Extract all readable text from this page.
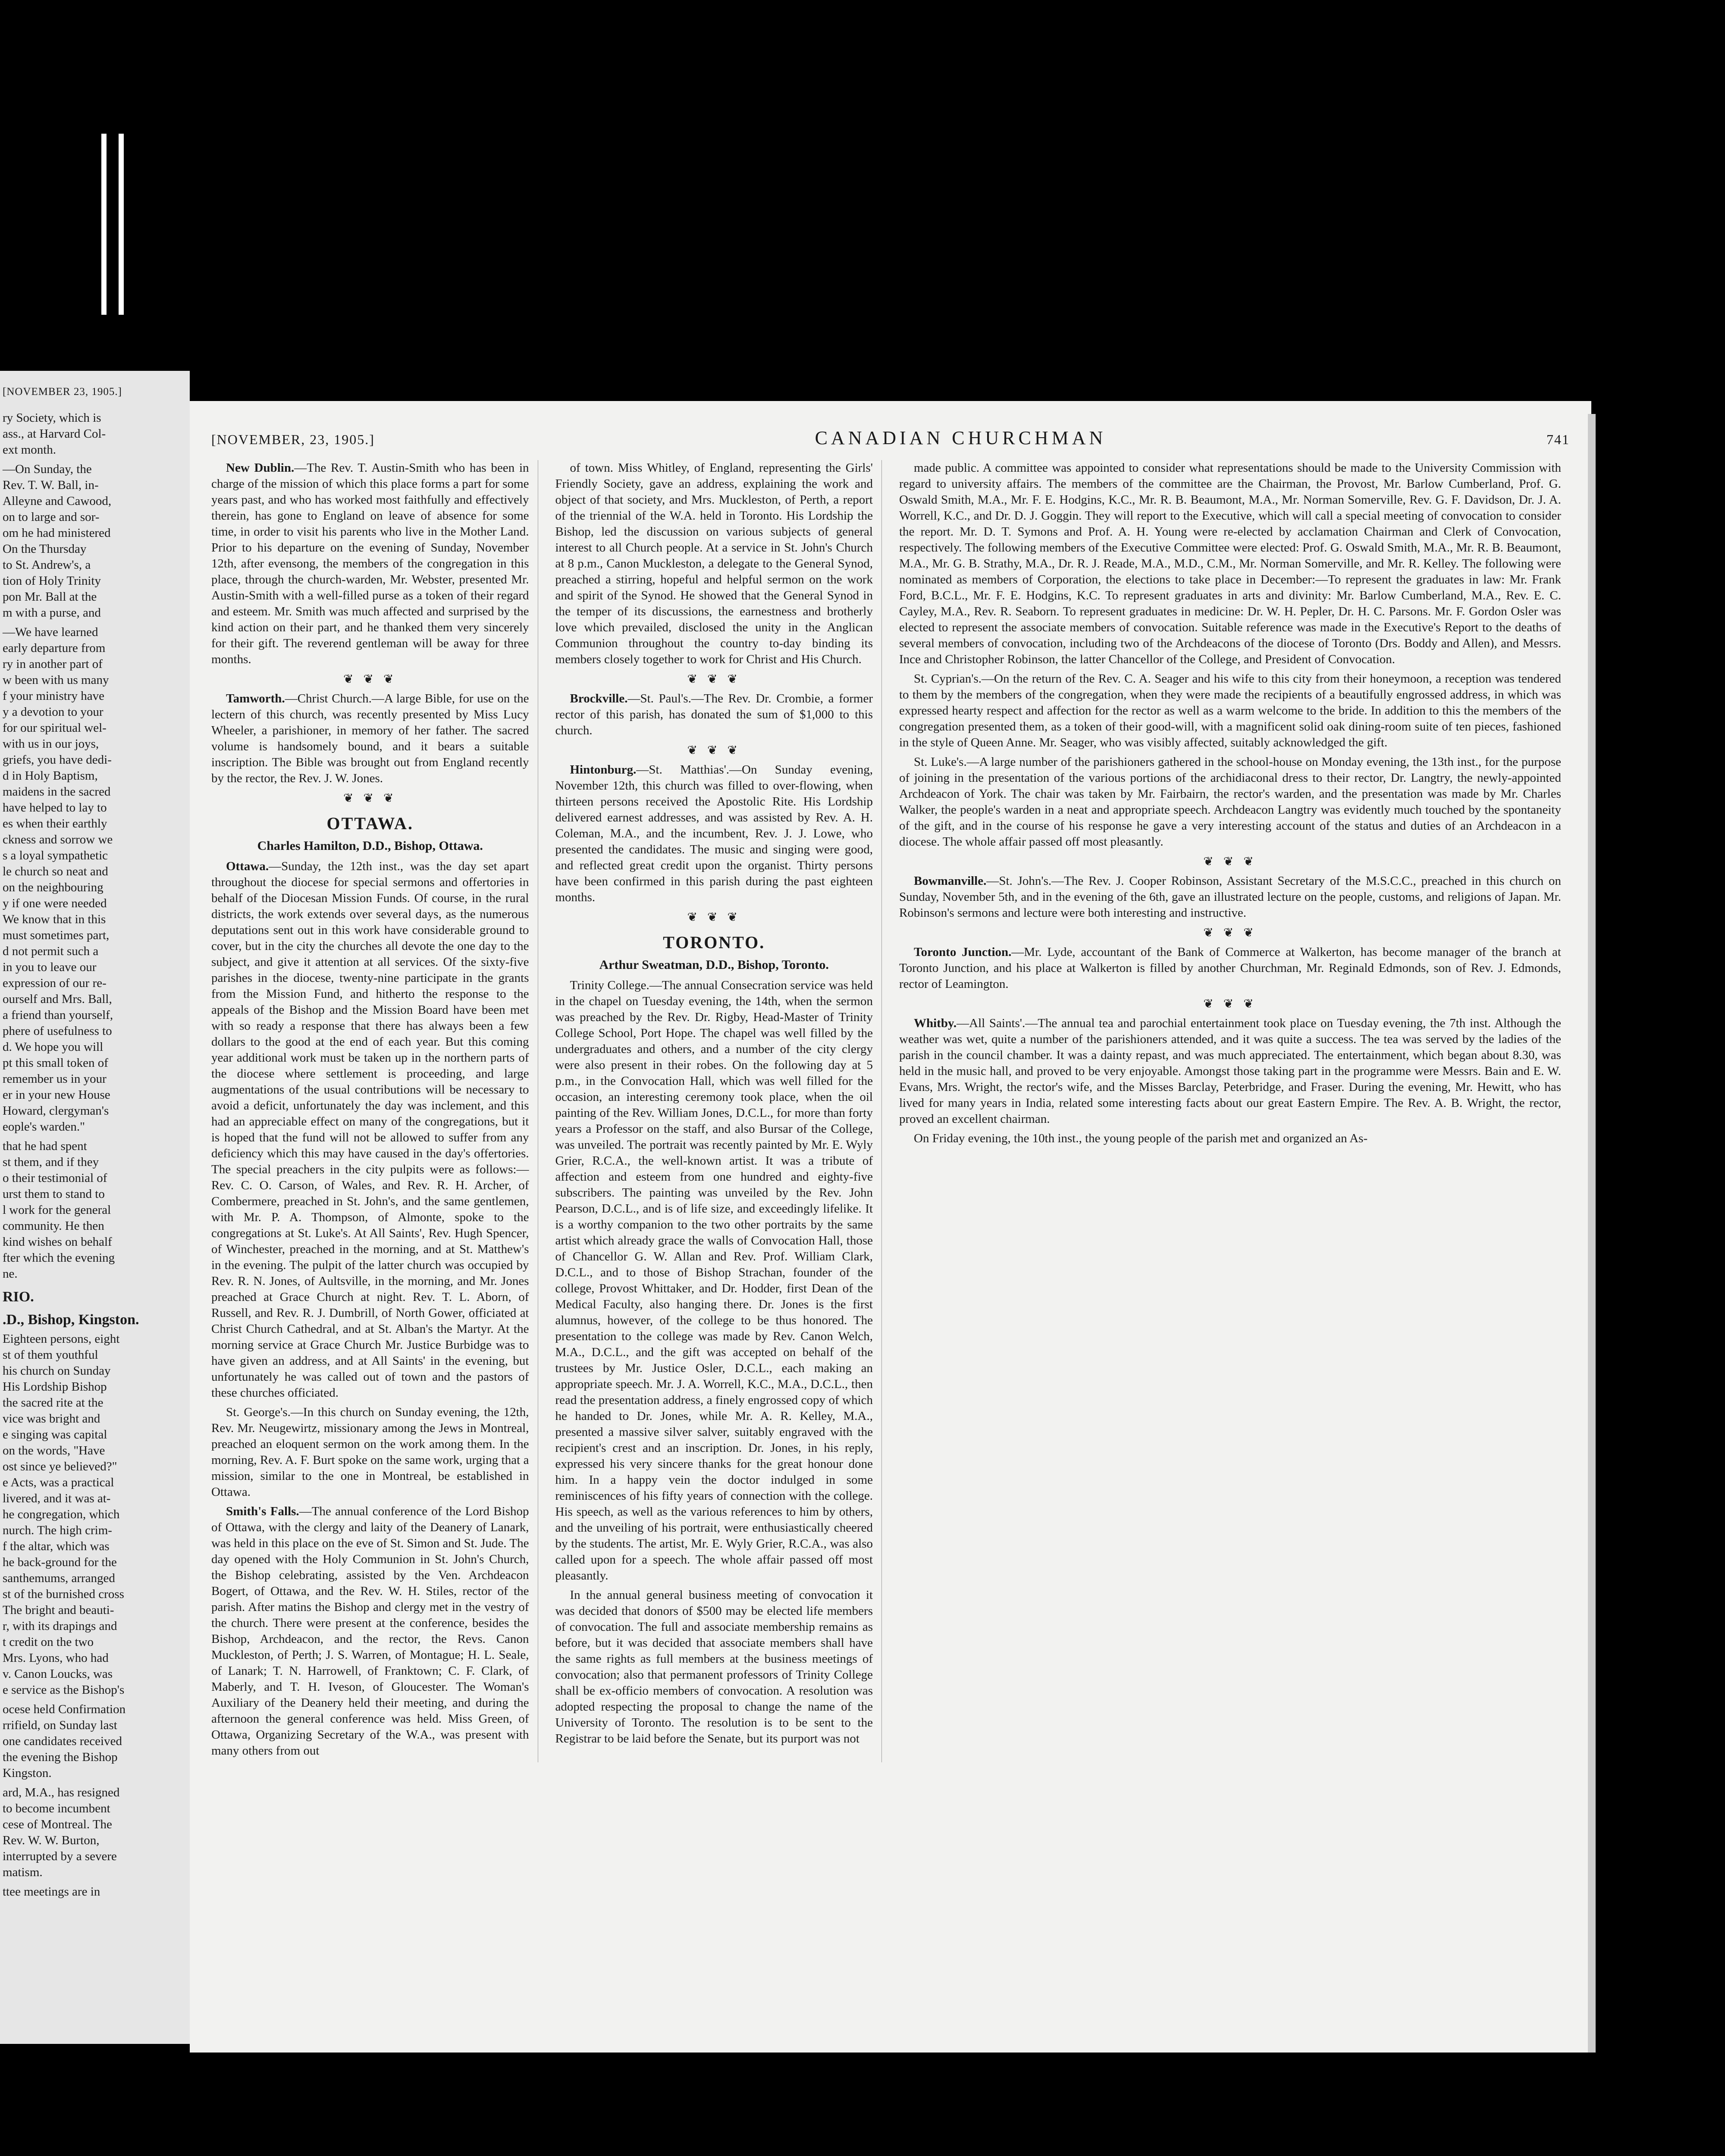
[NOVEMBER 23, 1905.]

ry Society, which is
ass., at Harvard Col-
ext month.

—On Sunday, the
Rev. T. W. Ball, in-
Alleyne and Cawood,
on to large and sor-
om he had ministered
On the Thursday
to St. Andrew's, a
tion of Holy Trinity
pon Mr. Ball at the
m with a purse, and

—We have learned
early departure from
ry in another part of
w been with us many
f your ministry have
y a devotion to your
for our spiritual wel-
with us in our joys,
griefs, you have dedi-
d in Holy Baptism,
maidens in the sacred
have helped to lay to
es when their earthly
ckness and sorrow we
s a loyal sympathetic
le church so neat and
on the neighbouring
y if one were needed
We know that in this
must sometimes part,
d not permit such a
in you to leave our
expression of our re-
ourself and Mrs. Ball,
a friend than yourself,
phere of usefulness to
d. We hope you will
pt this small token of
remember us in your
er in your new House
Howard, clergyman's
eople's warden."

that he had spent
st them, and if they
o their testimonial of
urst them to stand to
l work for the general
community. He then
kind wishes on behalf
fter which the evening
ne.

RIO.

.D., Bishop, Kingston.

Eighteen persons, eight
st of them youthful
his church on Sunday
His Lordship Bishop
the sacred rite at the
vice was bright and
e singing was capital
on the words, "Have
ost since ye believed?"
e Acts, was a practical
livered, and it was at-
he congregation, which
nurch. The high crim-
f the altar, which was
he back-ground for the
santhemums, arranged
st of the burnished cross
The bright and beauti-
r, with its drapings and
t credit on the two
Mrs. Lyons, who had
v. Canon Loucks, was
e service as the Bishop's

ocese held Confirmation
rrifield, on Sunday last
one candidates received
the evening the Bishop
Kingston.

ard, M.A., has resigned
to become incumbent
cese of Montreal. The
Rev. W. W. Burton,
interrupted by a severe
matism.

ttee meetings are in

[NOVEMBER, 23, 1905.]	CANADIAN CHURCHMAN	741

New Dublin.—The Rev. T. Austin-Smith who has been in charge of the mission of which this place forms a part for some years past, and who has worked most faithfully and effectively therein, has gone to England on leave of absence for some time, in order to visit his parents who live in the Mother Land. Prior to his departure on the evening of Sunday, November 12th, after evensong, the members of the congregation in this place, through the church-warden, Mr. Webster, presented Mr. Austin-Smith with a well-filled purse as a token of their regard and esteem. Mr. Smith was much affected and surprised by the kind action on their part, and he thanked them very sincerely for their gift. The reverend gentleman will be away for three months.

❦ ❦ ❦

Tamworth.—Christ Church.—A large Bible, for use on the lectern of this church, was recently presented by Miss Lucy Wheeler, a parishioner, in memory of her father. The sacred volume is handsomely bound, and it bears a suitable inscription. The Bible was brought out from England recently by the rector, the Rev. J. W. Jones.

❦ ❦ ❦
OTTAWA.
Charles Hamilton, D.D., Bishop, Ottawa.

Ottawa.—Sunday, the 12th inst., was the day set apart throughout the diocese for special sermons and offertories in behalf of the Diocesan Mission Funds. Of course, in the rural districts, the work extends over several days, as the numerous deputations sent out in this work have considerable ground to cover, but in the city the churches all devote the one day to the subject, and give it attention at all services. Of the sixty-five parishes in the diocese, twenty-nine participate in the grants from the Mission Fund, and hitherto the response to the appeals of the Bishop and the Mission Board have been met with so ready a response that there has always been a few dollars to the good at the end of each year. But this coming year additional work must be taken up in the northern parts of the diocese where settlement is proceeding, and large augmentations of the usual contributions will be necessary to avoid a deficit, unfortunately the day was inclement, and this had an appreciable effect on many of the congregations, but it is hoped that the fund will not be allowed to suffer from any deficiency which this may have caused in the day's offertories. The special preachers in the city pulpits were as follows:—Rev. C. O. Carson, of Wales, and Rev. R. H. Archer, of Combermere, preached in St. John's, and the same gentlemen, with Mr. P. A. Thompson, of Almonte, spoke to the congregations at St. Luke's. At All Saints', Rev. Hugh Spencer, of Winchester, preached in the morning, and at St. Matthew's in the evening. The pulpit of the latter church was occupied by Rev. R. N. Jones, of Aultsville, in the morning, and Mr. Jones preached at Grace Church at night. Rev. T. L. Aborn, of Russell, and Rev. R. J. Dumbrill, of North Gower, officiated at Christ Church Cathedral, and at St. Alban's the Martyr. At the morning service at Grace Church Mr. Justice Burbidge was to have given an address, and at All Saints' in the evening, but unfortunately he was called out of town and the pastors of these churches officiated.

St. George's.—In this church on Sunday evening, the 12th, Rev. Mr. Neugewirtz, missionary among the Jews in Montreal, preached an eloquent sermon on the work among them. In the morning, Rev. A. F. Burt spoke on the same work, urging that a mission, similar to the one in Montreal, be established in Ottawa.

Smith's Falls.—The annual conference of the Lord Bishop of Ottawa, with the clergy and laity of the Deanery of Lanark, was held in this place on the eve of St. Simon and St. Jude. The day opened with the Holy Communion in St. John's Church, the Bishop celebrating, assisted by the Ven. Archdeacon Bogert, of Ottawa, and the Rev. W. H. Stiles, rector of the parish. After matins the Bishop and clergy met in the vestry of the church. There were present at the conference, besides the Bishop, Archdeacon, and the rector, the Revs. Canon Muckleston, of Perth; J. S. Warren, of Montague; H. L. Seale, of Lanark; T. N. Harrowell, of Franktown; C. F. Clark, of Maberly, and T. H. Iveson, of Gloucester. The Woman's Auxiliary of the Deanery held their meeting, and during the afternoon the general conference was held. Miss Green, of Ottawa, Organizing Secretary of the W.A., was present with many others from out

of town. Miss Whitley, of England, representing the Girls' Friendly Society, gave an address, explaining the work and object of that society, and Mrs. Muckleston, of Perth, a report of the triennial of the W.A. held in Toronto. His Lordship the Bishop, led the discussion on various subjects of general interest to all Church people. At a service in St. John's Church at 8 p.m., Canon Muckleston, a delegate to the General Synod, preached a stirring, hopeful and helpful sermon on the work and spirit of the Synod. He showed that the General Synod in the temper of its discussions, the earnestness and brotherly love which prevailed, disclosed the unity in the Anglican Communion throughout the country to-day binding its members closely together to work for Christ and His Church.

❦ ❦ ❦

Brockville.—St. Paul's.—The Rev. Dr. Crombie, a former rector of this parish, has donated the sum of $1,000 to this church.

❦ ❦ ❦

Hintonburg.—St. Matthias'.—On Sunday evening, November 12th, this church was filled to over-flowing, when thirteen persons received the Apostolic Rite. His Lordship delivered earnest addresses, and was assisted by Rev. A. H. Coleman, M.A., and the incumbent, Rev. J. J. Lowe, who presented the candidates. The music and singing were good, and reflected great credit upon the organist. Thirty persons have been confirmed in this parish during the past eighteen months.

❦ ❦ ❦
TORONTO.
Arthur Sweatman, D.D., Bishop, Toronto.

Trinity College.—The annual Consecration service was held in the chapel on Tuesday evening, the 14th, when the sermon was preached by the Rev. Dr. Rigby, Head-Master of Trinity College School, Port Hope. The chapel was well filled by the undergraduates and others, and a number of the city clergy were also present in their robes. On the following day at 5 p.m., in the Convocation Hall, which was well filled for the occasion, an interesting ceremony took place, when the oil painting of the Rev. William Jones, D.C.L., for more than forty years a Professor on the staff, and also Bursar of the College, was unveiled. The portrait was recently painted by Mr. E. Wyly Grier, R.C.A., the well-known artist. It was a tribute of affection and esteem from one hundred and eighty-five subscribers. The painting was unveiled by the Rev. John Pearson, D.C.L., and is of life size, and exceedingly lifelike. It is a worthy companion to the two other portraits by the same artist which already grace the walls of Convocation Hall, those of Chancellor G. W. Allan and Rev. Prof. William Clark, D.C.L., and to those of Bishop Strachan, founder of the college, Provost Whittaker, and Dr. Hodder, first Dean of the Medical Faculty, also hanging there. Dr. Jones is the first alumnus, however, of the college to be thus honored. The presentation to the college was made by Rev. Canon Welch, M.A., D.C.L., and the gift was accepted on behalf of the trustees by Mr. Justice Osler, D.C.L., each making an appropriate speech. Mr. J. A. Worrell, K.C., M.A., D.C.L., then read the presentation address, a finely engrossed copy of which he handed to Dr. Jones, while Mr. A. R. Kelley, M.A., presented a massive silver salver, suitably engraved with the recipient's crest and an inscription. Dr. Jones, in his reply, expressed his very sincere thanks for the great honour done him. In a happy vein the doctor indulged in some reminiscences of his fifty years of connection with the college. His speech, as well as the various references to him by others, and the unveiling of his portrait, were enthusiastically cheered by the students. The artist, Mr. E. Wyly Grier, R.C.A., was also called upon for a speech. The whole affair passed off most pleasantly.

In the annual general business meeting of convocation it was decided that donors of $500 may be elected life members of convocation. The full and associate membership remains as before, but it was decided that associate members shall have the same rights as full members at the business meetings of convocation; also that permanent professors of Trinity College shall be ex-officio members of convocation. A resolution was adopted respecting the proposal to change the name of the University of Toronto. The resolution is to be sent to the Registrar to be laid before the Senate, but its purport was not

made public. A committee was appointed to consider what representations should be made to the University Commission with regard to university affairs. The members of the committee are the Chairman, the Provost, Mr. Barlow Cumberland, Prof. G. Oswald Smith, M.A., Mr. F. E. Hodgins, K.C., Mr. R. B. Beaumont, M.A., Mr. Norman Somerville, Rev. G. F. Davidson, Dr. J. A. Worrell, K.C., and Dr. D. J. Goggin. They will report to the Executive, which will call a special meeting of convocation to consider the report. Mr. D. T. Symons and Prof. A. H. Young were re-elected by acclamation Chairman and Clerk of Convocation, respectively. The following members of the Executive Committee were elected: Prof. G. Oswald Smith, M.A., Mr. R. B. Beaumont, M.A., Mr. G. B. Strathy, M.A., Dr. R. J. Reade, M.A., M.D., C.M., Mr. Norman Somerville, and Mr. R. Kelley. The following were nominated as members of Corporation, the elections to take place in December:—To represent the graduates in law: Mr. Frank Ford, B.C.L., Mr. F. E. Hodgins, K.C. To represent graduates in arts and divinity: Mr. Barlow Cumberland, M.A., Rev. E. C. Cayley, M.A., Rev. R. Seaborn. To represent graduates in medicine: Dr. W. H. Pepler, Dr. H. C. Parsons. Mr. F. Gordon Osler was elected to represent the associate members of convocation. Suitable reference was made in the Executive's Report to the deaths of several members of convocation, including two of the Archdeacons of the diocese of Toronto (Drs. Boddy and Allen), and Messrs. Ince and Christopher Robinson, the latter Chancellor of the College, and President of Convocation.

St. Cyprian's.—On the return of the Rev. C. A. Seager and his wife to this city from their honeymoon, a reception was tendered to them by the members of the congregation, when they were made the recipients of a beautifully engrossed address, in which was expressed hearty respect and affection for the rector as well as a warm welcome to the bride. In addition to this the members of the congregation presented them, as a token of their good-will, with a magnificent solid oak dining-room suite of ten pieces, fashioned in the style of Queen Anne. Mr. Seager, who was visibly affected, suitably acknowledged the gift.

St. Luke's.—A large number of the parishioners gathered in the school-house on Monday evening, the 13th inst., for the purpose of joining in the presentation of the various portions of the archidiaconal dress to their rector, Dr. Langtry, the newly-appointed Archdeacon of York. The chair was taken by Mr. Fairbairn, the rector's warden, and the presentation was made by Mr. Charles Walker, the people's warden in a neat and appropriate speech. Archdeacon Langtry was evidently much touched by the spontaneity of the gift, and in the course of his response he gave a very interesting account of the status and duties of an Archdeacon in a diocese. The whole affair passed off most pleasantly.

❦ ❦ ❦

Bowmanville.—St. John's.—The Rev. J. Cooper Robinson, Assistant Secretary of the M.S.C.C., preached in this church on Sunday, November 5th, and in the evening of the 6th, gave an illustrated lecture on the people, customs, and religions of Japan. Mr. Robinson's sermons and lecture were both interesting and instructive.

❦ ❦ ❦

Toronto Junction.—Mr. Lyde, accountant of the Bank of Commerce at Walkerton, has become manager of the branch at Toronto Junction, and his place at Walkerton is filled by another Churchman, Mr. Reginald Edmonds, son of Rev. J. Edmonds, rector of Leamington.

❦ ❦ ❦

Whitby.—All Saints'.—The annual tea and parochial entertainment took place on Tuesday evening, the 7th inst. Although the weather was wet, quite a number of the parishioners attended, and it was quite a success. The tea was served by the ladies of the parish in the council chamber. It was a dainty repast, and was much appreciated. The entertainment, which began about 8.30, was held in the music hall, and proved to be very enjoyable. Amongst those taking part in the programme were Messrs. Bain and E. W. Evans, Mrs. Wright, the rector's wife, and the Misses Barclay, Peterbridge, and Fraser. During the evening, Mr. Hewitt, who has lived for many years in India, related some interesting facts about our great Eastern Empire. The Rev. A. B. Wright, the rector, proved an excellent chairman.

On Friday evening, the 10th inst., the young people of the parish met and organized an As-
